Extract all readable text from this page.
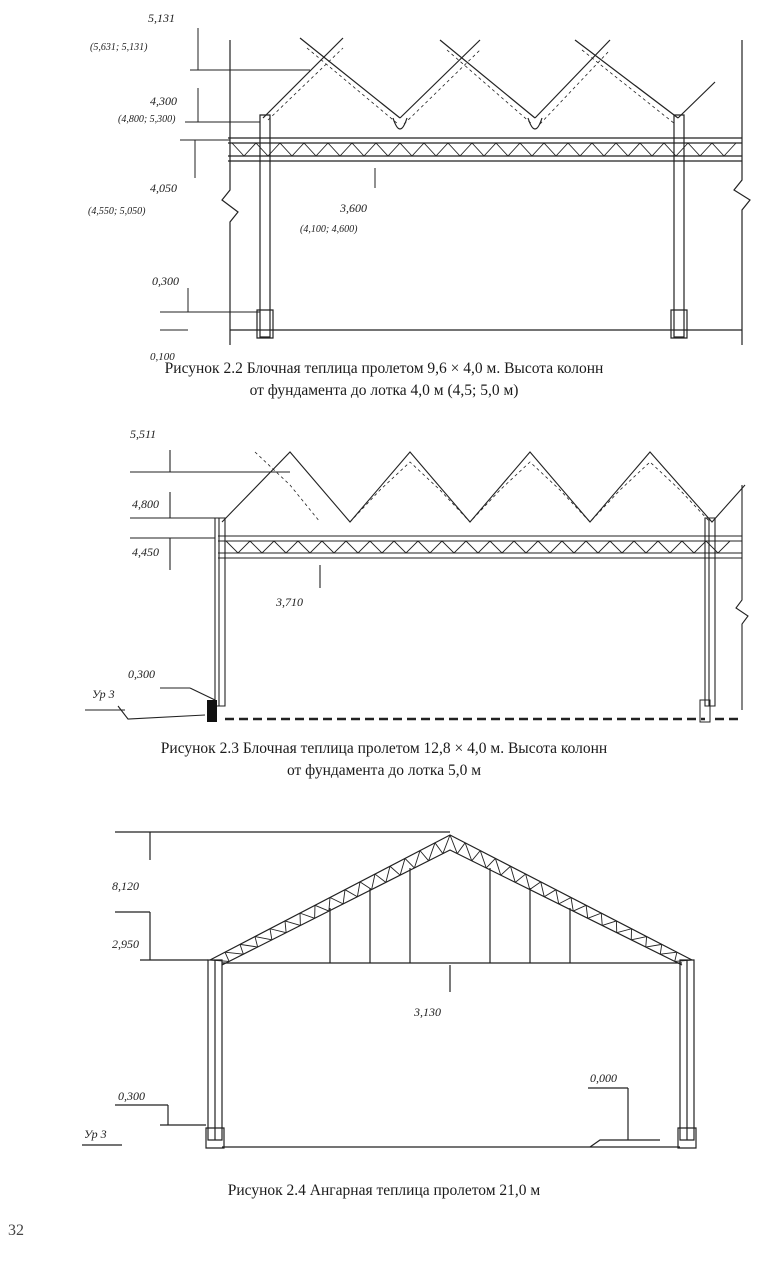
5,131
(5,631; 5,131)
4,300
(4,800; 5,300)
4,050
(4,550; 5,050)	3,600
(4,100; 4,600)
0,300
0,100
Рисунок 2.2 Блочная теплица пролетом 9,6 × 4,0 м. Высота колонн
от фундамента до лотка 4,0 м (4,5; 5,0 м)
5,511
4,800
4,450
3,710
0,300
Ур 3
Рисунок 2.3 Блочная теплица пролетом 12,8 × 4,0 м. Высота колонн
от фундамента до лотка 5,0 м
8,120
2,950
3,130
0,300
0,000
Ур 3
Рисунок 2.4 Ангарная теплица пролетом 21,0 м
32
